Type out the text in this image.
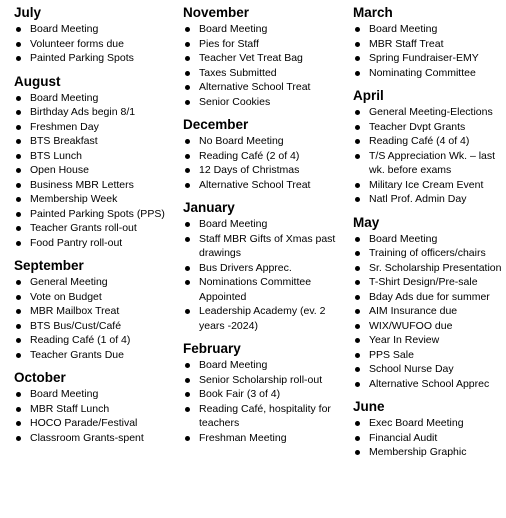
July
Board Meeting
Volunteer forms due
Painted Parking Spots
August
Board Meeting
Birthday Ads begin 8/1
Freshmen Day
BTS Breakfast
BTS Lunch
Open House
Business MBR Letters
Membership Week
Painted Parking Spots (PPS)
Teacher Grants roll-out
Food Pantry roll-out
September
General Meeting
Vote on Budget
MBR Mailbox Treat
BTS Bus/Cust/Café
Reading Café (1 of 4)
Teacher Grants Due
October
Board Meeting
MBR Staff Lunch
HOCO Parade/Festival
Classroom Grants-spent
November
Board Meeting
Pies for Staff
Teacher Vet Treat Bag
Taxes Submitted
Alternative School Treat
Senior Cookies
December
No Board Meeting
Reading Café (2 of 4)
12 Days of Christmas
Alternative School Treat
January
Board Meeting
Staff MBR Gifts of Xmas past drawings
Bus Drivers Apprec.
Nominations Committee Appointed
Leadership Academy (ev. 2 years -2024)
February
Board Meeting
Senior Scholarship roll-out
Book Fair (3 of 4)
Reading Café, hospitality for teachers
Freshman Meeting
March
Board Meeting
MBR Staff Treat
Spring Fundraiser-EMY
Nominating Committee
April
General Meeting-Elections
Teacher Dvpt Grants
Reading Café (4 of 4)
T/S Appreciation Wk. – last wk. before exams
Military Ice Cream Event
Natl Prof. Admin Day
May
Board Meeting
Training of officers/chairs
Sr. Scholarship Presentation
T-Shirt Design/Pre-sale
Bday Ads due for summer
AIM Insurance due
WIX/WUFOO due
Year In Review
PPS Sale
School Nurse Day
Alternative School Apprec
June
Exec Board Meeting
Financial Audit
Membership Graphic
